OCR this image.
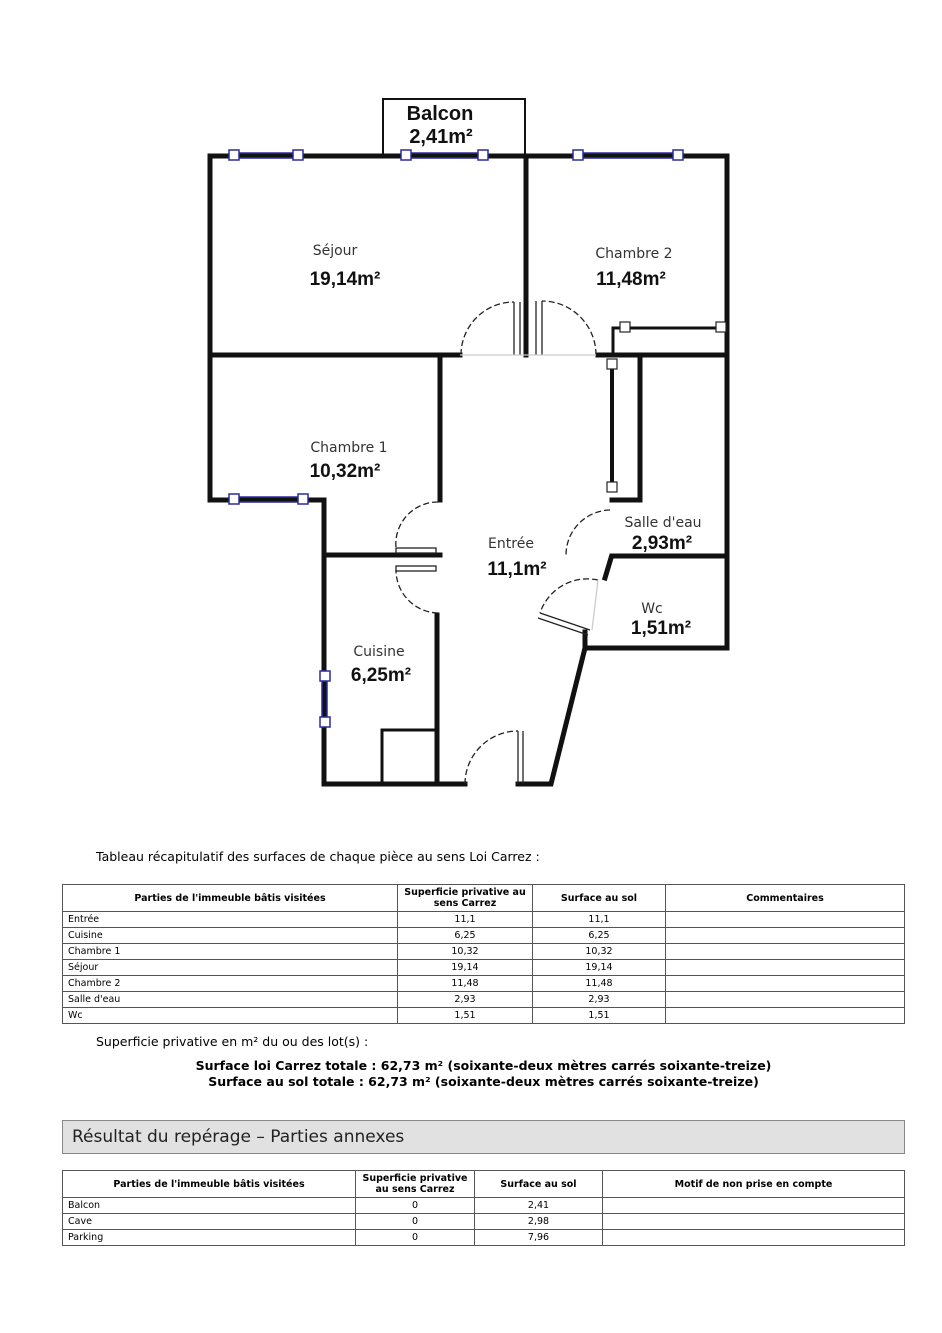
Balcon
2,41m²
Séjour
19,14m²
Chambre 2
11,48m²
Chambre 1
10,32m²
Entrée
11,1m²
Salle d'eau
2,93m²
Wc
1,51m²
Cuisine
6,25m²
Tableau récapitulatif des surfaces de chaque pièce au sens Loi Carrez :
Parties de l'immeuble bâtis visitées	Superficie privative au sens Carrez	Surface au sol	Commentaires
Entrée	11,1	11,1	
Cuisine	6,25	6,25	
Chambre 1	10,32	10,32	
Séjour	19,14	19,14	
Chambre 2	11,48	11,48	
Salle d'eau	2,93	2,93	
Wc	1,51	1,51	
Superficie privative en m² du ou des lot(s) :
Surface loi Carrez totale : 62,73 m² (soixante-deux mètres carrés soixante-treize)
Surface au sol totale : 62,73 m² (soixante-deux mètres carrés soixante-treize)
Résultat du repérage – Parties annexes
Parties de l'immeuble bâtis visitées	Superficie privative au sens Carrez	Surface au sol	Motif de non prise en compte
Balcon	0	2,41	
Cave	0	2,98	
Parking	0	7,96	
